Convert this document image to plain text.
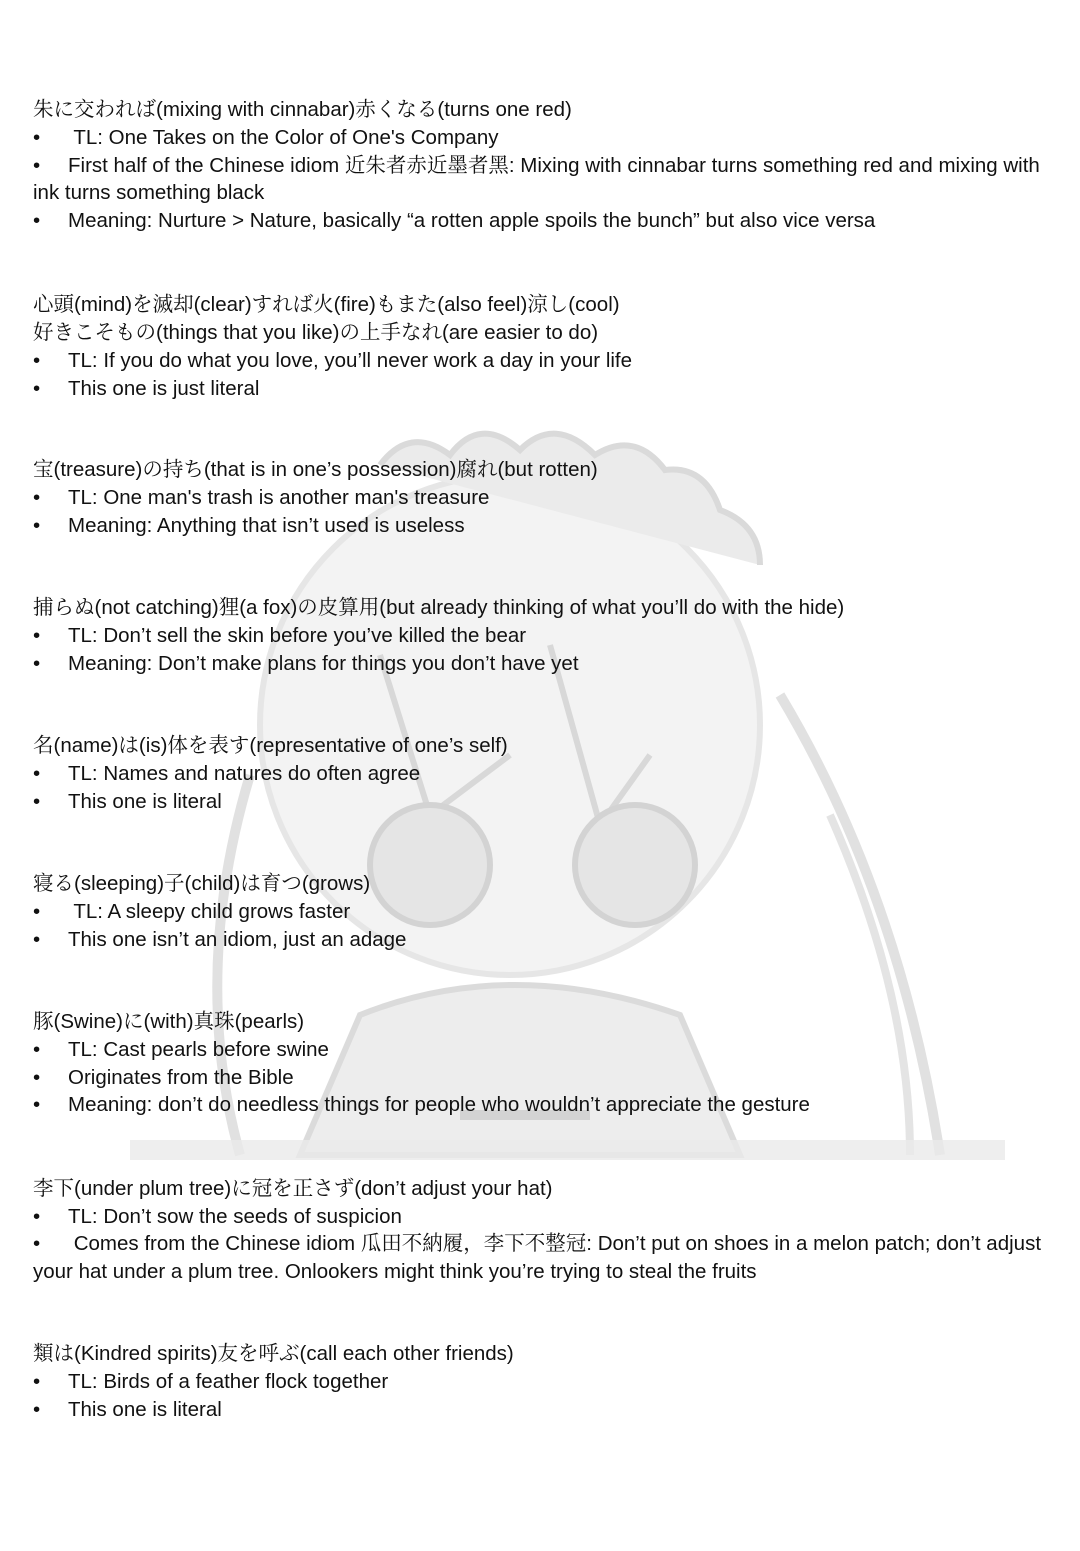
朱に交われば(mixing with cinnabar)赤くなる(turns one red)
• TL: One Takes on the Color of One's Company
• First half of the Chinese idiom 近朱者赤近墨者黑: Mixing with cinnabar turns something red and mixing with ink turns something black
• Meaning: Nurture > Nature, basically “a rotten apple spoils the bunch” but also vice versa
心頭(mind)を滅却(clear)すれば火(fire)もまた(also feel)涼し(cool)
好きこそもの(things that you like)の上手なれ(are easier to do)
• TL: If you do what you love, you’ll never work a day in your life
• This one is just literal
宝(treasure)の持ち(that is in one’s possession)腐れ(but rotten)
• TL: One man's trash is another man's treasure
• Meaning: Anything that isn’t used is useless
捕らぬ(not catching)狸(a fox)の皮算用(but already thinking of what you’ll do with the hide)
• TL: Don’t sell the skin before you’ve killed the bear
• Meaning: Don’t make plans for things you don’t have yet
名(name)は(is)体を表す(representative of one’s self)
• TL: Names and natures do often agree
• This one is literal
寝る(sleeping)子(child)は育つ(grows)
• TL: A sleepy child grows faster
• This one isn’t an idiom, just an adage
豚(Swine)に(with)真珠(pearls)
• TL: Cast pearls before swine
• Originates from the Bible
• Meaning: don’t do needless things for people who wouldn’t appreciate the gesture
李下(under plum tree)に冠を正さず(don’t adjust your hat)
• TL: Don’t sow the seeds of suspicion
• Comes from the Chinese idiom 瓜田不納履，李下不整冠: Don’t put on shoes in a melon patch; don’t adjust your hat under a plum tree. Onlookers might think you’re trying to steal the fruits
類は(Kindred spirits)友を呼ぶ(call each other friends)
• TL: Birds of a feather flock together
• This one is literal
